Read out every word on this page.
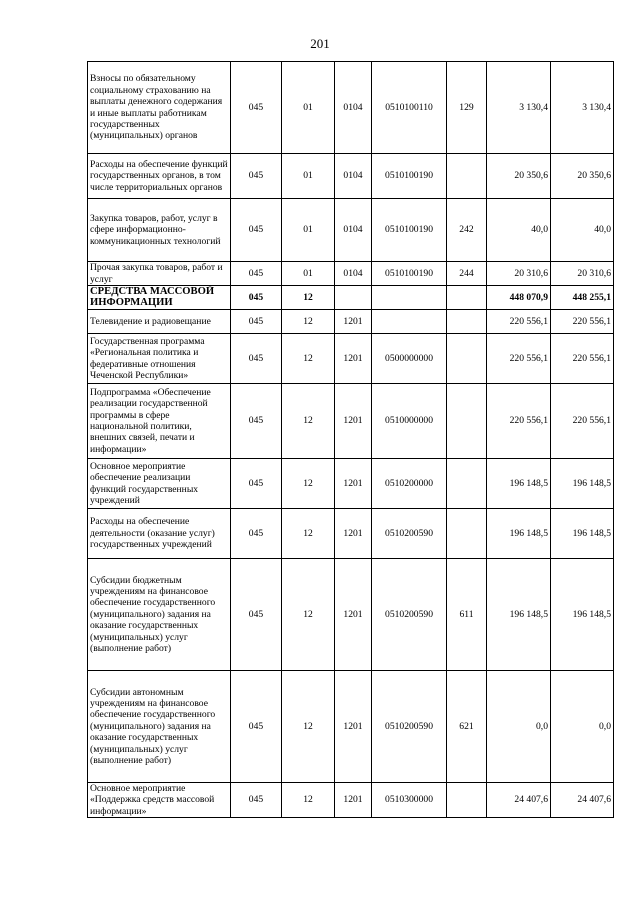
201
Взносы по обязательному социальному страхованию на выплаты денежного содержания и иные выплаты работникам государственных (муниципальных) органов	045	01	0104	0510100110	129	3 130,4	3 130,4
Расходы на обеспечение функций государственных органов, в том числе территориальных органов	045	01	0104	0510100190		20 350,6	20 350,6
Закупка товаров, работ, услуг в сфере информационно-коммуникационных технологий	045	01	0104	0510100190	242	40,0	40,0
Прочая закупка товаров, работ и услуг	045	01	0104	0510100190	244	20 310,6	20 310,6
СРЕДСТВА МАССОВОЙ ИНФОРМАЦИИ	045	12				448 070,9	448 255,1
Телевидение и радиовещание	045	12	1201			220 556,1	220 556,1
Государственная программа «Региональная политика и федеративные отношения Чеченской Республики»	045	12	1201	0500000000		220 556,1	220 556,1
Подпрограмма «Обеспечение реализации государственной программы в сфере национальной политики, внешних связей, печати и информации»	045	12	1201	0510000000		220 556,1	220 556,1
Основное мероприятие обеспечение реализации функций государственных учреждений	045	12	1201	0510200000		196 148,5	196 148,5
Расходы на обеспечение деятельности (оказание услуг) государственных учреждений	045	12	1201	0510200590		196 148,5	196 148,5
Субсидии бюджетным учреждениям на финансовое обеспечение государственного (муниципального) задания на оказание государственных (муниципальных) услуг (выполнение работ)	045	12	1201	0510200590	611	196 148,5	196 148,5
Субсидии автономным учреждениям на финансовое обеспечение государственного (муниципального) задания на оказание государственных (муниципальных) услуг (выполнение работ)	045	12	1201	0510200590	621	0,0	0,0
Основное мероприятие «Поддержка средств массовой информации»	045	12	1201	0510300000		24 407,6	24 407,6
